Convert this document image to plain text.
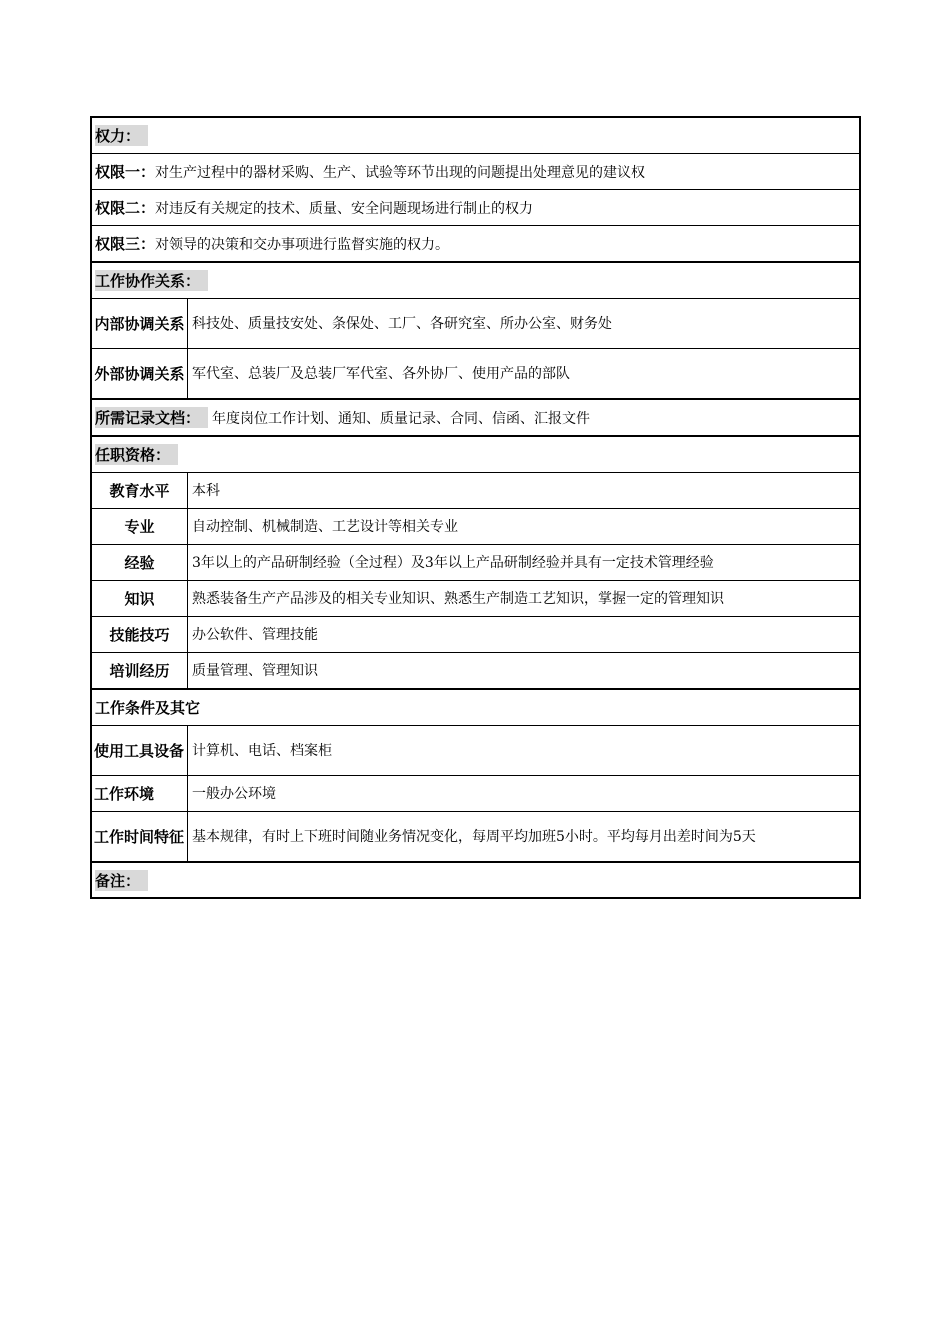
权力：
权限一： 对生产过程中的器材采购、生产、试验等环节出现的问题提出处理意见的建议权
权限二： 对违反有关规定的技术、质量、安全问题现场进行制止的权力
权限三： 对领导的决策和交办事项进行监督实施的权力。
工作协作关系：
内部协调关系 科技处、质量技安处、条保处、工厂、各研究室、所办公室、财务处
外部协调关系 军代室、总装厂及总装厂军代室、各外协厂、使用产品的部队
所需记录文档： 年度岗位工作计划、通知、质量记录、合同、信函、汇报文件
任职资格：
教育水平	本科
专业	自动控制、机械制造、工艺设计等相关专业
经验	3年以上的产品研制经验（全过程）及3年以上产品研制经验并具有一定技术管理经验
知识	熟悉装备生产产品涉及的相关专业知识、熟悉生产制造工艺知识，掌握一定的管理知识
技能技巧	办公软件、管理技能
培训经历	质量管理、管理知识
工作条件及其它
使用工具设备 计算机、电话、档案柜
工作环境	一般办公环境
工作时间特征 基本规律，有时上下班时间随业务情况变化，每周平均加班5小时。平均每月出差时间为5天
备注：
